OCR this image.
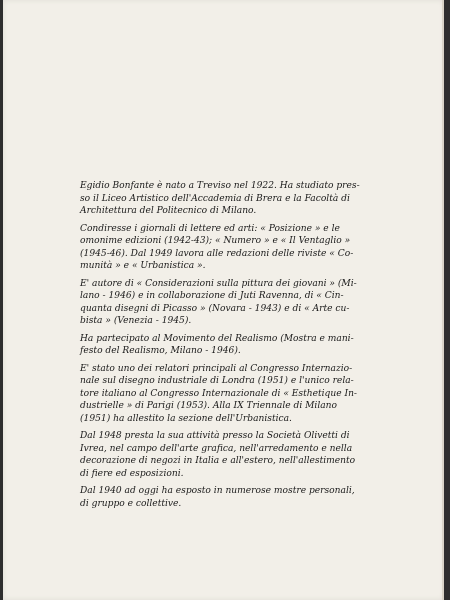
Egidio Bonfante è nato a Treviso nel 1922. Ha studiato pres-
so il Liceo Artistico dell'Accademia di Brera e la Facoltà di
Architettura del Politecnico di Milano.

Condiresse i giornali di lettere ed arti: « Posizione » e le
omonime edizioni (1942-43); « Numero » e « Il Ventaglio »
(1945-46). Dal 1949 lavora alle redazioni delle riviste « Co-
munità » e « Urbanistica ».

E' autore di « Considerazioni sulla pittura dei giovani » (Mi-
lano - 1946) e in collaborazione di Juti Ravenna, di « Cin-
quanta disegni di Picasso » (Novara - 1943) e di « Arte cu-
bista » (Venezia - 1945).

Ha partecipato al Movimento del Realismo (Mostra e mani-
festo del Realismo, Milano - 1946).

E' stato uno dei relatori principali al Congresso Internazio-
nale sul disegno industriale di Londra (1951) e l'unico rela-
tore italiano al Congresso Internazionale di « Esthetique In-
dustrielle » di Parigi (1953). Alla IX Triennale di Milano
(1951) ha allestito la sezione dell'Urbanistica.

Dal 1948 presta la sua attività presso la Società Olivetti di
Ivrea, nel campo dell'arte grafica, nell'arredamento e nella
decorazione di negozi in Italia e all'estero, nell'allestimento
di fiere ed esposizioni.

Dal 1940 ad oggi ha esposto in numerose mostre personali,
di gruppo e collettive.
